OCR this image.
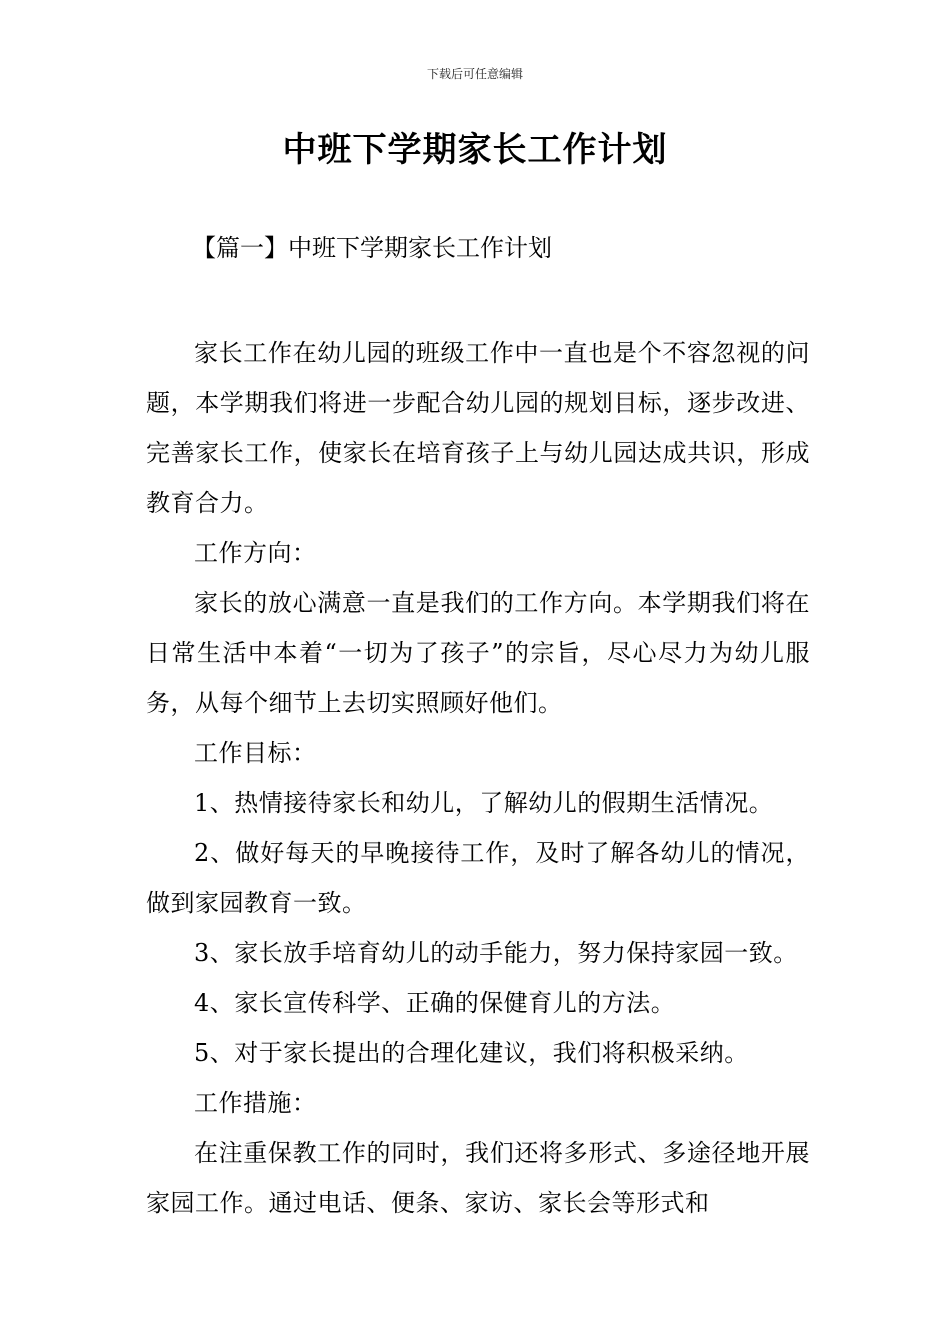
下载后可任意编辑
中班下学期家长工作计划
【篇一】中班下学期家长工作计划

家长工作在幼儿园的班级工作中一直也是个不容忽视的问题，本学期我们将进一步配合幼儿园的规划目标，逐步改进、完善家长工作，使家长在培育孩子上与幼儿园达成共识，形成教育合力。

工作方向：

家长的放心满意一直是我们的工作方向。本学期我们将在日常生活中本着“一切为了孩子”的宗旨，尽心尽力为幼儿服务，从每个细节上去切实照顾好他们。

工作目标：

1、热情接待家长和幼儿，了解幼儿的假期生活情况。

2、做好每天的早晚接待工作，及时了解各幼儿的情况，做到家园教育一致。

3、家长放手培育幼儿的动手能力，努力保持家园一致。

4、家长宣传科学、正确的保健育儿的方法。

5、对于家长提出的合理化建议，我们将积极采纳。

工作措施：

在注重保教工作的同时，我们还将多形式、多途径地开展家园工作。通过电话、便条、家访、家长会等形式和
